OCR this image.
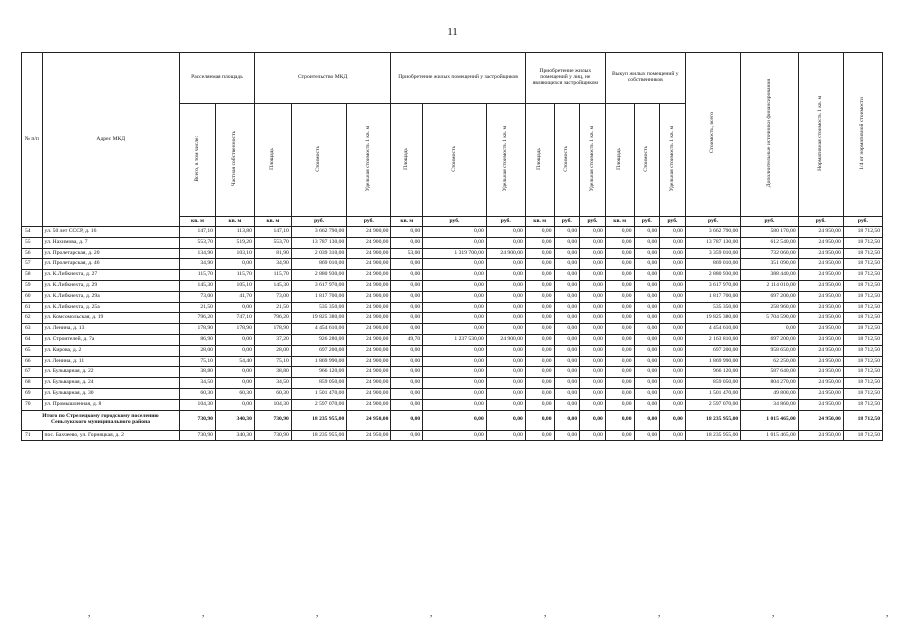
11
№ п/п	Адрес МКД	Расселяемая площадь		Строительство МКД			Приобретение жилых помещений у застройщиков			Приобретение жилых помещений у лиц, не являющихся застройщиком			Выкуп жилых помещений у собственников			Стоимость, всего	Дополнительные источники финансирования	Нормативная стоимость 1 кв. м	1/4 от нормативной стоимости
		Всего, в том числе:	Частная собственность	Площадь	Стоимость	Удельная стоимость 1 кв. м	Площадь	Стоимость	Удельная стоимость 1 кв. м	Площадь	Стоимость	Удельная стоимость 1 кв. м	Площадь	Стоимость	Удельная стоимость 1 кв. м				
		кв. м	кв. м	кв. м	руб.	руб.	кв. м	руб.	руб.	кв. м	руб.	руб.	кв. м	руб.	руб.	руб.	руб.	руб.	руб.
54	ул. 50 лет СССР, д. 16	147,10	113,80	147,10	3 662 790,00	24 900,00	0,00	0,00	0,00	0,00	0,00	0,00	0,00	0,00	0,00	3 662 790,00	580 170,00	24 950,00	18 712,50
55	ул. Нахимова, д. 7	553,70	519,20	553,70	13 787 130,00	24 900,00	0,00	0,00	0,00	0,00	0,00	0,00	0,00	0,00	0,00	13 787 130,00	612 540,00	24 950,00	18 712,50
56	ул. Пролетарская, д. 20	134,90	103,10	81,90	2 039 310,00	24 900,00	53,00	1 319 700,00	24 900,00	0,00	0,00	0,00	0,00	0,00	0,00	3 359 010,00	732 060,00	24 950,00	18 712,50
57	ул. Пролетарская, д. 46	34,90	0,00	34,90	869 010,00	24 900,00	0,00	0,00	0,00	0,00	0,00	0,00	0,00	0,00	0,00	869 010,00	351 090,00	24 950,00	18 712,50
58	ул. К.Либкнехта, д. 27	115,70	115,70	115,70	2 880 930,00	24 900,00	0,00	0,00	0,00	0,00	0,00	0,00	0,00	0,00	0,00	2 880 930,00	388 440,00	24 950,00	18 712,50
59	ул. К.Либкнехта, д. 29	145,30	105,10	145,30	3 617 970,00	24 900,00	0,00	0,00	0,00	0,00	0,00	0,00	0,00	0,00	0,00	3 617 970,00	2 114 010,00	24 950,00	18 712,50
60	ул. К.Либкнехта, д. 29а	73,00	41,70	73,00	1 817 700,00	24 900,00	0,00	0,00	0,00	0,00	0,00	0,00	0,00	0,00	0,00	1 817 700,00	697 200,00	24 950,00	18 712,50
61	ул. К.Либкнехта, д. 25а	21,50	0,00	21,50	535 350,00	24 900,00	0,00	0,00	0,00	0,00	0,00	0,00	0,00	0,00	0,00	535 350,00	258 960,00	24 950,00	18 712,50
62	ул. Комсомольская, д. 19	796,20	747,10	796,20	19 825 380,00	24 900,00	0,00	0,00	0,00	0,00	0,00	0,00	0,00	0,00	0,00	19 825 380,00	5 704 590,00	24 950,00	18 712,50
63	ул. Ленина, д. 13	178,90	178,90	178,90	4 454 610,00	24 900,00	0,00	0,00	0,00	0,00	0,00	0,00	0,00	0,00	0,00	4 454 610,00	0,00	24 950,00	18 712,50
64	ул. Строителей, д. 7а	86,90	0,00	37,20	926 280,00	24 900,00	49,70	1 237 530,00	24 900,00	0,00	0,00	0,00	0,00	0,00	0,00	2 163 810,00	697 200,00	24 950,00	18 712,50
65	ул. Кирова, д. 2	28,00	0,00	28,00	697 200,00	24 900,00	0,00	0,00	0,00	0,00	0,00	0,00	0,00	0,00	0,00	697 200,00	958 650,00	24 950,00	18 712,50
66	ул. Ленина, д. 11	75,10	54,40	75,10	1 869 990,00	24 900,00	0,00	0,00	0,00	0,00	0,00	0,00	0,00	0,00	0,00	1 869 990,00	62 250,00	24 950,00	18 712,50
67	ул. Бульварная, д. 22	38,80	0,00	38,80	966 120,00	24 900,00	0,00	0,00	0,00	0,00	0,00	0,00	0,00	0,00	0,00	966 120,00	587 640,00	24 950,00	18 712,50
68	ул. Бульварная, д. 24	34,50	0,00	34,50	859 050,00	24 900,00	0,00	0,00	0,00	0,00	0,00	0,00	0,00	0,00	0,00	859 050,00	804 270,00	24 950,00	18 712,50
69	ул. Бульварная, д. 30	60,30	60,30	60,30	1 501 470,00	24 900,00	0,00	0,00	0,00	0,00	0,00	0,00	0,00	0,00	0,00	1 501 470,00	49 800,00	24 950,00	18 712,50
70	ул. Промышленная, д. 8	104,30	0,00	104,30	2 597 070,00	24 900,00	0,00	0,00	0,00	0,00	0,00	0,00	0,00	0,00	0,00	2 597 070,00	34 860,00	24 950,00	18 712,50
Итого по Стрелецкому городскому поселению Сеньлукского муниципального района		730,90	340,30	730,90	18 235 955,00	24 950,00	0,00	0,00	0,00	0,00	0,00	0,00	0,00	0,00	0,00	18 235 955,00	1 015 465,00	24 950,00	18 712,50
71	пос. Бахчеево, ул. Горняцкая, д. 2	730,90	340,30	730,90	18 235 955,00	24 950,00	0,00	0,00	0,00	0,00	0,00	0,00	0,00	0,00	0,00	18 235 955,00	1 015 465,00	24 950,00	18 712,50
,	,	,	,	,	,	,	,
